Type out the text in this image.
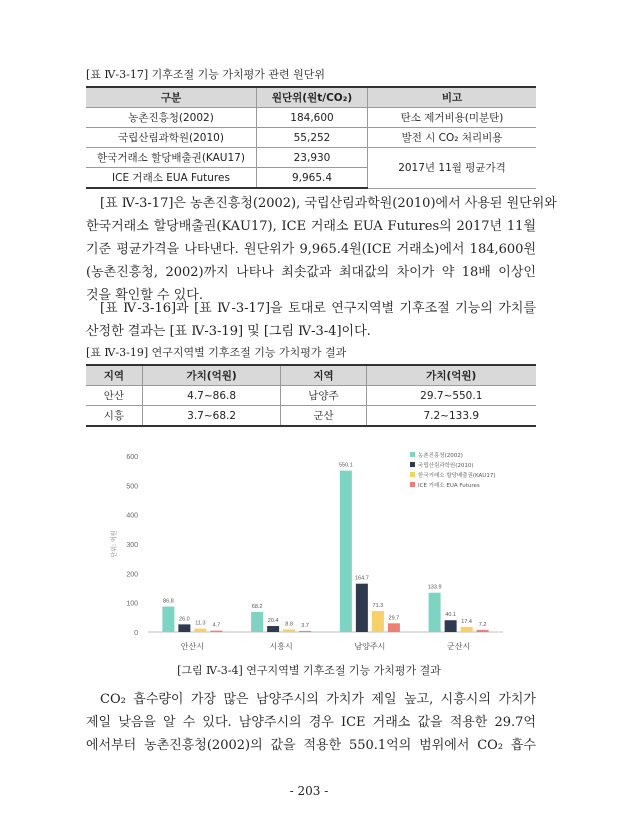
[표 Ⅳ-3-17] 기후조절 기능 가치평가 관련 원단위
구분	원단위(원t/CO₂)	비고
농촌진흥청(2002)	184,600	탄소 제거비용(미분탄)
국립산림과학원(2010)	55,252	발전 시 CO₂ 처리비용
한국거래소 할당배출권(KAU17)	23,930	2017년 11월 평균가격
ICE 거래소 EUA Futures	9,965.4	

[표 Ⅳ-3-17]은 농촌진흥청(2002), 국립산림과학원(2010)에서 사용된 원단위와
한국거래소 할당배출권(KAU17), ICE 거래소 EUA Futures의 2017년 11월
기준 평균가격을 나타낸다. 원단위가 9,965.4원(ICE 거래소)에서 184,600원
(농촌진흥청, 2002)까지 나타나 최솟값과 최대값의 차이가 약 18배 이상인
것을 확인할 수 있다.

[표 Ⅳ-3-16]과 [표 Ⅳ-3-17]을 토대로 연구지역별 기후조절 기능의 가치를
산정한 결과는 [표 Ⅳ-3-19] 및 [그림 Ⅳ-3-4]이다.

[표 Ⅳ-3-19] 연구지역별 기후조절 기능 가치평가 결과
지역	가치(억원)	지역	가치(억원)
안산	4.7~86.8	남양주	29.7~550.1
시흥	3.7~68.2	군산	7.2~133.9
0
100
200
300
400
500
600
단위: 억원
86.8
26.0
11.3 4.7
안산시
68.2
20.4
8.8 3.7
시흥시
550.1
164.7
71.3
29.7
남양주시
133.9
40.1
17.4 7.2
군산시
농촌진흥청(2002)
국립산림과학원(2010)
한국거래소 할당배출권(KAU17)
ICE 거래소 EUA Futures
[그림 Ⅳ-3-4] 연구지역별 기후조절 기능 가치평가 결과

CO₂ 흡수량이 가장 많은 남양주시의 가치가 제일 높고, 시흥시의 가치가
제일 낮음을 알 수 있다. 남양주시의 경우 ICE 거래소 값을 적용한 29.7억
에서부터 농촌진흥청(2002)의 값을 적용한 550.1억의 범위에서 CO₂ 흡수

- 203 -
